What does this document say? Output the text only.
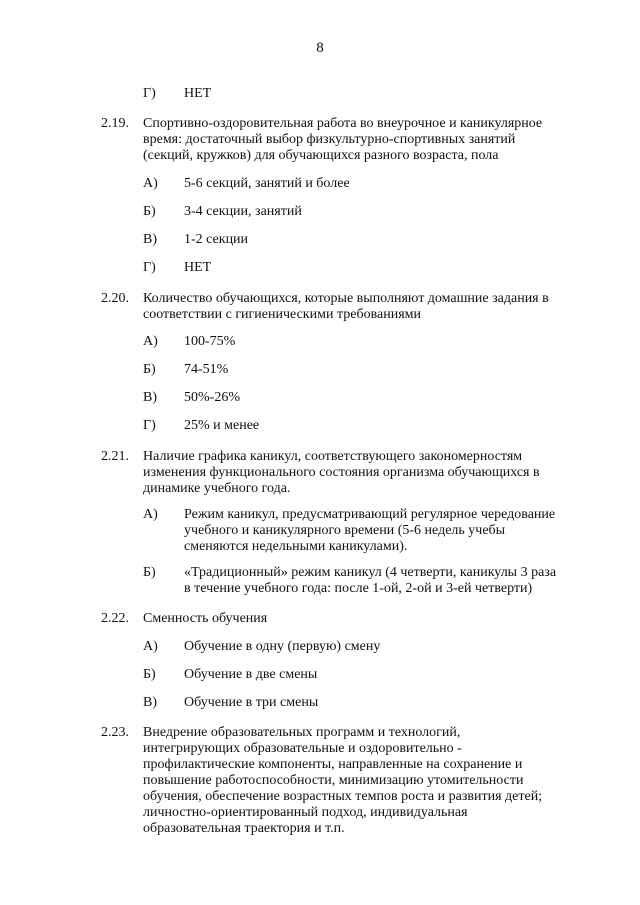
8
Г) НЕТ
2.19. Спортивно-оздоровительная работа во внеурочное и каникулярное
время: достаточный выбор физкультурно-спортивных занятий
(секций, кружков) для обучающихся разного возраста, пола
А) 5-6 секций, занятий и более
Б) 3-4 секции, занятий
В) 1-2 секции
Г) НЕТ
2.20. Количество обучающихся, которые выполняют домашние задания в
соответствии с гигиеническими требованиями
А) 100-75%
Б) 74-51%
В) 50%-26%
Г) 25% и менее
2.21. Наличие графика каникул, соответствующего закономерностям
изменения функционального состояния организма обучающихся в
динамике учебного года.
А) Режим каникул, предусматривающий регулярное чередование
учебного и каникулярного времени (5-6 недель учебы
сменяются недельными каникулами).
Б) «Традиционный» режим каникул (4 четверти, каникулы 3 раза
в течение учебного года: после 1-ой, 2-ой и 3-ей четверти)
2.22. Сменность обучения
А) Обучение в одну (первую) смену
Б) Обучение в две смены
В) Обучение в три смены
2.23. Внедрение образовательных программ и технологий,
интегрирующих образовательные и оздоровительно -
профилактические компоненты, направленные на сохранение и
повышение работоспособности, минимизацию утомительности
обучения, обеспечение возрастных темпов роста и развития детей;
личностно-ориентированный подход, индивидуальная
образовательная траектория и т.п.
